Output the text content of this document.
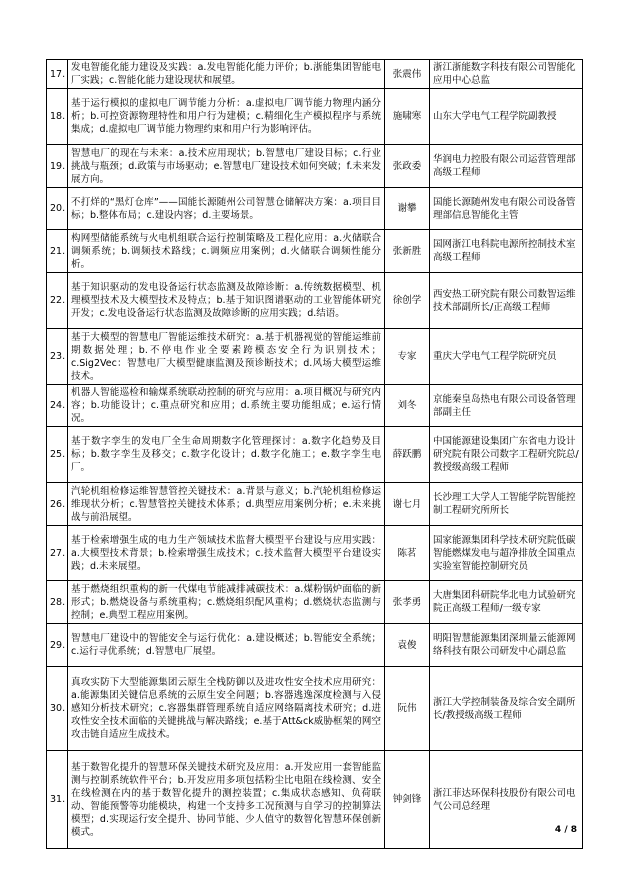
17.	发电智能化能力建设及实践：a.发电智能化能力评价；b.浙能集团智能电厂实践；c.智能化能力建设现状和展望。	张震伟	浙江浙能数字科技有限公司智能化应用中心总监
18.	基于运行模拟的虚拟电厂调节能力分析：a.虚拟电厂调节能力物理内涵分析；b.可控资源物理特性和用户行为建模；c.精细化生产模拟程序与系统集成；d.虚拟电厂调节能力物理约束和用户行为影响评估。	施啸寒	山东大学电气工程学院副教授
19.	智慧电厂的现在与未来：a.技术应用现状；b.智慧电厂建设目标；c.行业挑战与瓶颈；d.政策与市场驱动；e.智慧电厂建设技术如何突破；f.未来发展方向。	张政委	华润电力控股有限公司运营管理部高级工程师
20.	不打烊的“黑灯仓库”——国能长源随州公司智慧仓储解决方案：a.项目目标；b.整体布局；c.建设内容；d.主要场景。	谢攀	国能长源随州发电有限公司设备管理部信息智能化主管
21.	构网型储能系统与火电机组联合运行控制策略及工程化应用：a.火储联合调频系统；b.调频技术路线；c.调频应用案例；d.火储联合调频性能分析。	张新胜	国网浙江电科院电源所控制技术室高级工程师
22.	基于知识驱动的发电设备运行状态监测及故障诊断：a.传统数据模型、机理模型技术及大模型技术及特点；b.基于知识图谱驱动的工业智能体研究开发；c.发电设备运行状态监测及故障诊断的应用实践；d.结语。	徐创学	西安热工研究院有限公司数智运维技术部副所长/正高级工程师
23.	基于大模型的智慧电厂智能运维技术研究：a.基于机器视觉的智能运维前期数据处理；b.不停电作业全要素跨模态安全行为识别技术；c.Sig2Vec：智慧电厂大模型健康监测及预诊断技术；d.风场大模型运维技术。	专家	重庆大学电气工程学院研究员
24.	机器人智能巡检和输煤系统联动控制的研究与应用：a.项目概况与研究内容；b.功能设计；c.重点研究和应用；d.系统主要功能组成；e.运行情况。	刘冬	京能秦皇岛热电有限公司设备管理部副主任
25.	基于数字孪生的发电厂全生命周期数字化管理探讨：a.数字化趋势及目标；b.数字孪生及移交；c.数字化设计；d.数字化施工；e.数字孪生电厂。	薛跃鹏	中国能源建设集团广东省电力设计研究院有限公司数字工程研究院总/教授级高级工程师
26.	汽轮机组检修运维智慧管控关键技术：a.背景与意义；b.汽轮机组检修运维现状分析；c.智慧管控关键技术体系；d.典型应用案例分析；e.未来挑战与前沿展望。	谢七月	长沙理工大学人工智能学院智能控制工程研究所所长
27.	基于检索增强生成的电力生产领域技术监督大模型平台建设与应用实践：a.大模型技术背景；b.检索增强生成技术；c.技术监督大模型平台建设实践；d.未来展望。	陈茗	国家能源集团科学技术研究院低碳智能燃煤发电与超净排放全国重点实验室智能控制研究员
28.	基于燃烧组织重构的新一代煤电节能减排减碳技术：a.煤粉锅炉面临的新形式；b.燃烧设备与系统重构；c.燃烧组织配风重构；d.燃烧状态监测与控制；e.典型工程应用案例。	张孝勇	大唐集团科研院华北电力试验研究院正高级工程师/一级专家
29.	智慧电厂建设中的智能安全与运行优化：a.建设概述；b.智能安全系统；c.运行寻优系统；d.智慧电厂展望。	袁俊	明阳智慧能源集团深圳量云能源网络科技有限公司研发中心副总监
30.	真攻实防下大型能源集团云原生全栈防御以及进攻性安全技术应用研究：a.能源集团关键信息系统的云原生安全问题；b.容器逃逸深度检测与入侵感知分析技术研究；c.容器集群管理系统自适应网络隔离技术研究；d.进攻性安全技术面临的关键挑战与解决路线；e.基于Att&ck威胁框架的网空攻击链自适应生成技术。	阮伟	浙江大学控制装备及综合安全副所长/教授级高级工程师
31.	基于数智化提升的智慧环保关键技术研究及应用：a.开发应用一套智能监测与控制系统软件平台；b.开发应用多项包括粉尘比电阻在线检测、安全在线检测在内的基于数智化提升的测控装置；c.集成状态感知、负荷联动、智能预警等功能模块，构建一个支持多工况预测与自学习的控制算法模型；d.实现运行安全提升、协同节能、少人值守的数智化智慧环保创新模式。	钟剑锋	浙江菲达环保科技股份有限公司电气公司总经理
4 / 8
